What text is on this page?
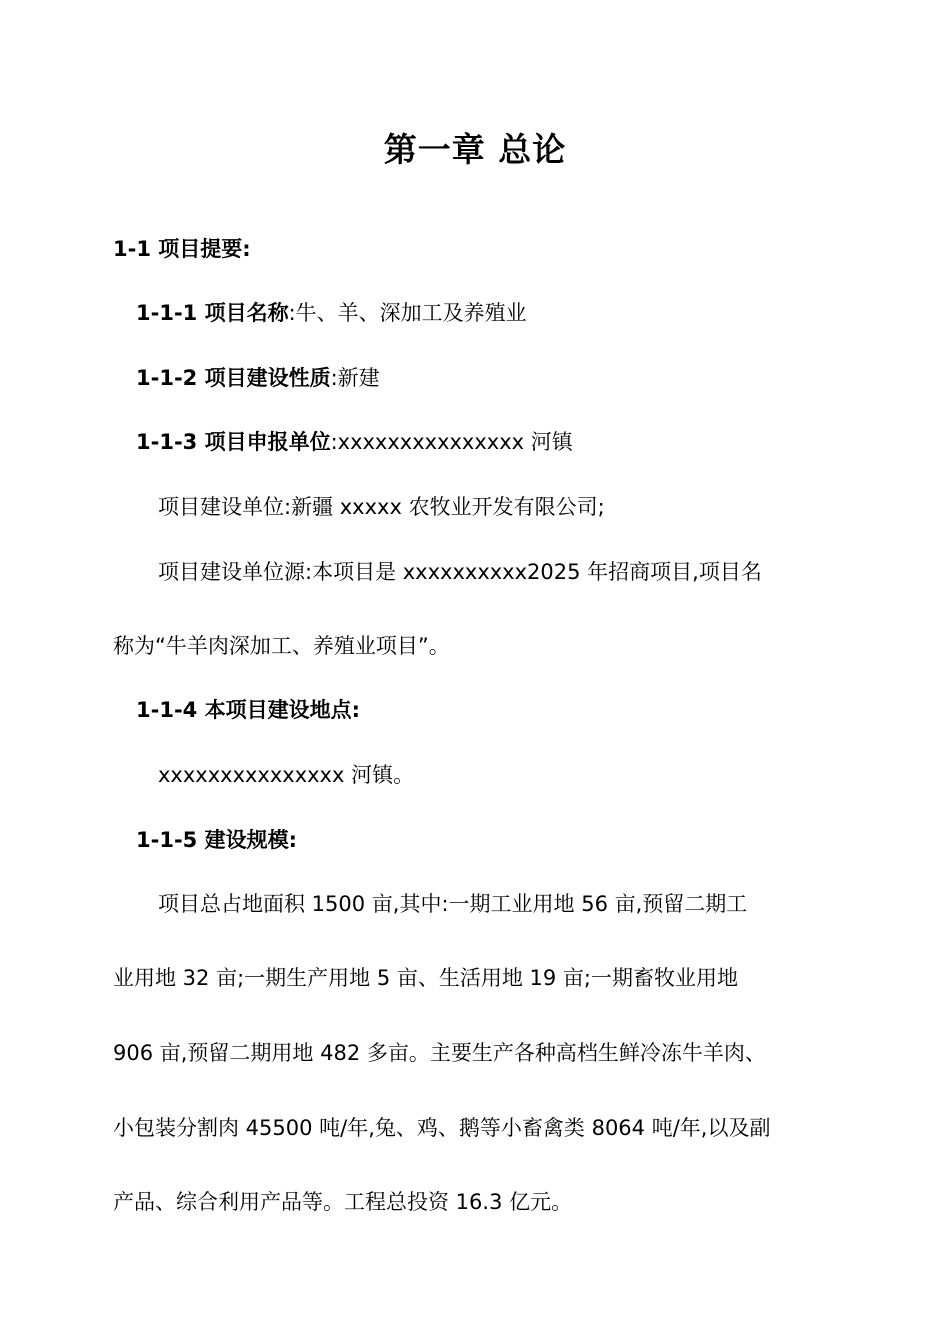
第一章 总论
1-1 项目提要:
1-1-1 项目名称:牛、羊、深加工及养殖业
1-1-2 项目建设性质:新建
1-1-3 项目申报单位:xxxxxxxxxxxxxxx 河镇
项目建设单位:新疆 xxxxx 农牧业开发有限公司;
项目建设单位源:本项目是 xxxxxxxxxx2025 年招商项目,项目名
称为“牛羊肉深加工、养殖业项目”。
1-1-4 本项目建设地点:
xxxxxxxxxxxxxxx 河镇。
1-1-5 建设规模:
项目总占地面积 1500 亩,其中:一期工业用地 56 亩,预留二期工
业用地 32 亩;一期生产用地 5 亩、生活用地 19 亩;一期畜牧业用地
906 亩,预留二期用地 482 多亩。主要生产各种高档生鲜冷冻牛羊肉、
小包装分割肉 45500 吨/年,兔、鸡、鹅等小畜禽类 8064 吨/年,以及副
产品、综合利用产品等。工程总投资 16.3 亿元。
